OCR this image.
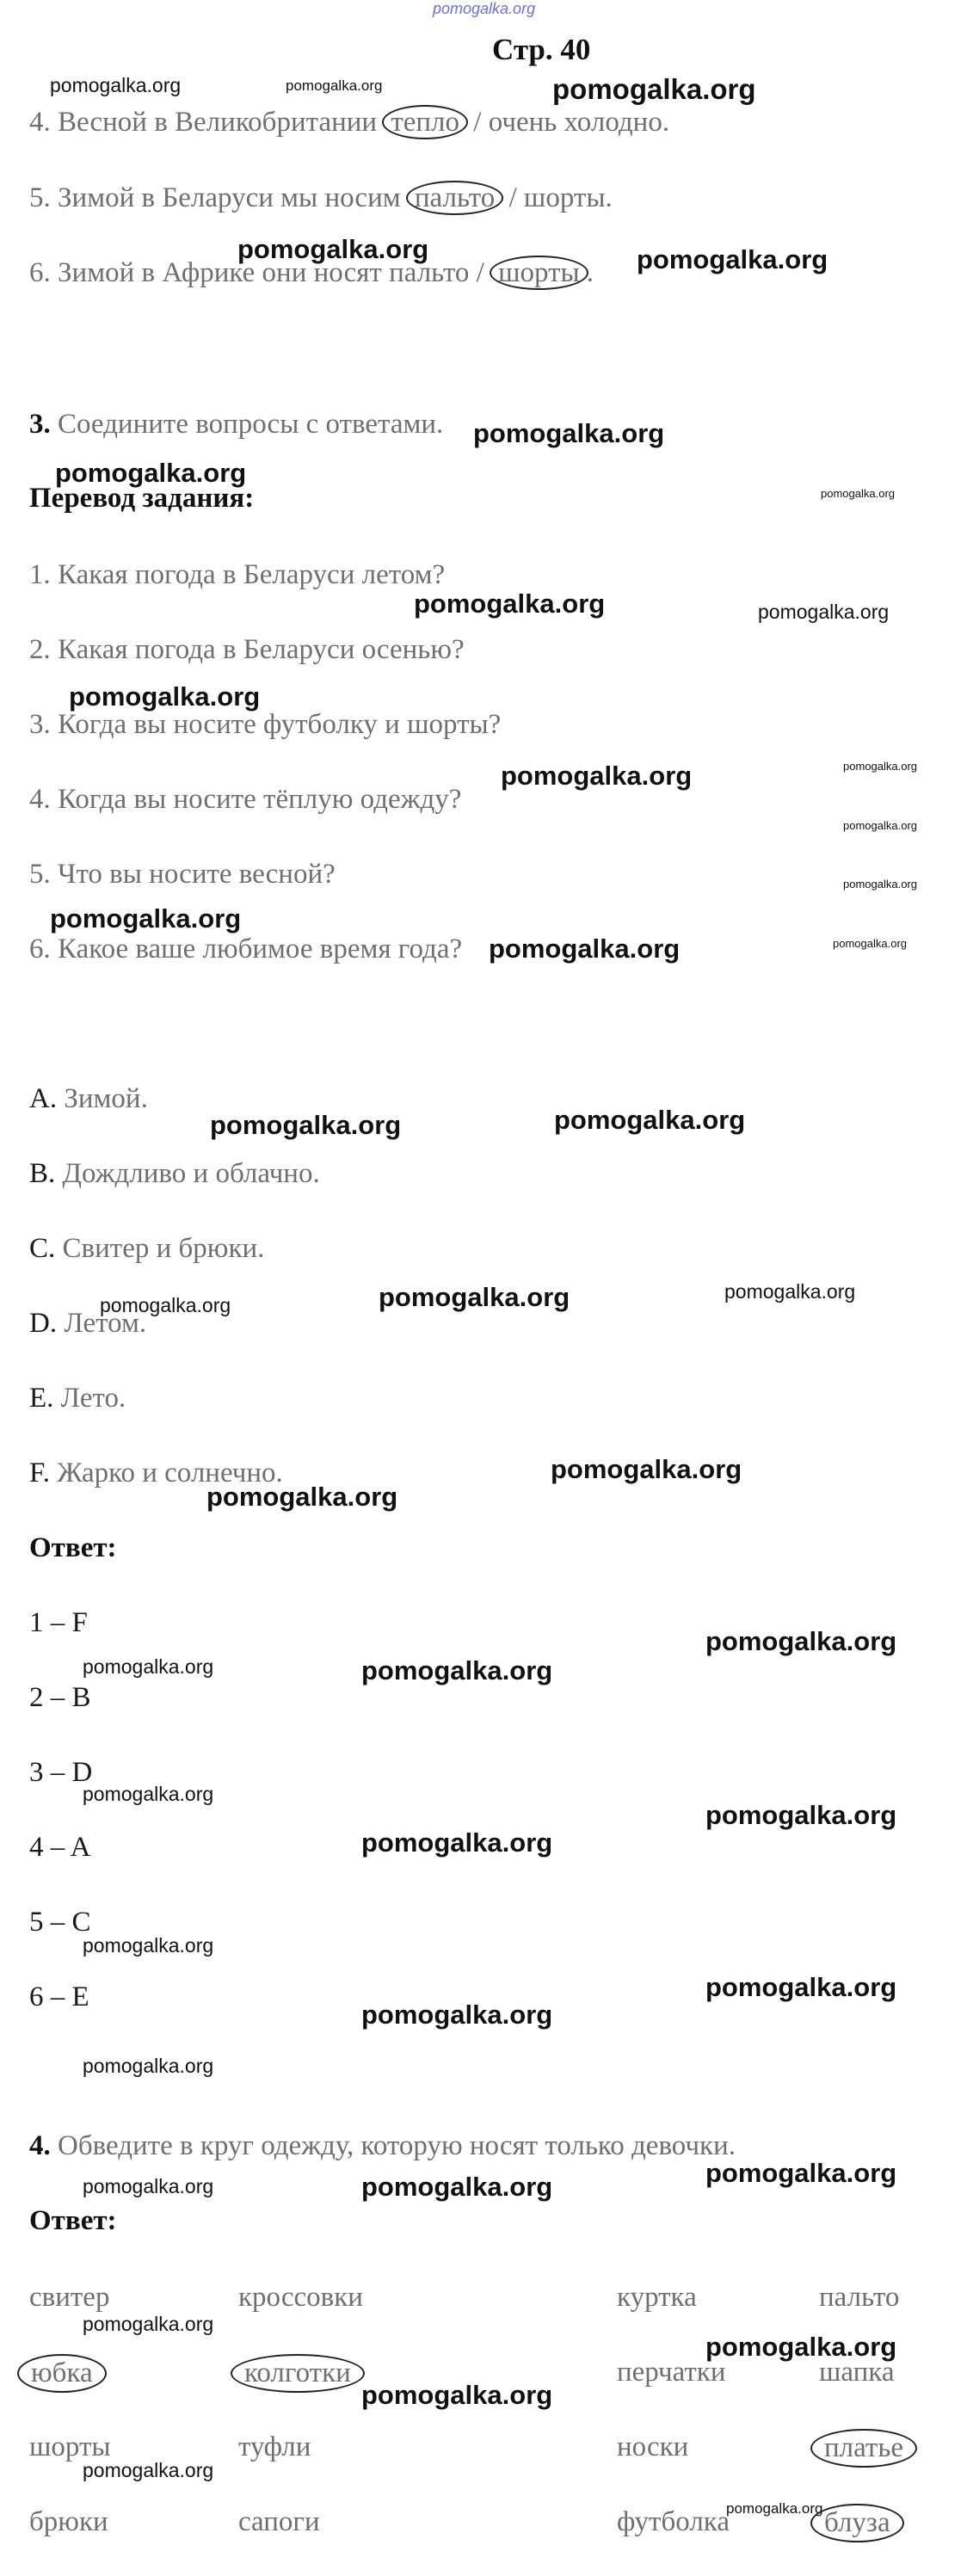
pomogalka.org
Стр. 40
4. Весной в Великобритании тепло / очень холодно.
5. Зимой в Беларуси мы носим пальто / шорты.
6. Зимой в Африке они носят пальто / шорты .
3. Соедините вопросы с ответами.
Перевод задания:
1. Какая погода в Беларуси летом?
2. Какая погода в Беларуси осенью?
3. Когда вы носите футболку и шорты?
4. Когда вы носите тёплую одежду?
5. Что вы носите весной?
6. Какое ваше любимое время года?
A. Зимой.
B. Дождливо и облачно.
C. Свитер и брюки.
D. Летом.
E. Лето.
F. Жарко и солнечно.
Ответ:
1 – F
2 – B
3 – D
4 – A
5 – C
6 – E
4. Обведите в круг одежду, которую носят только девочки.
Ответ:
свитер	кроссовки	куртка	пальто
юбка	колготки	перчатки	шапка
шорты	туфли	носки	платье
брюки	сапоги	футболка	блуза
pomogalka.org	pomogalka.org	pomogalka.org
pomogalka.org	pomogalka.org
pomogalka.org
pomogalka.org
pomogalka.org
pomogalka.org	pomogalka.org
pomogalka.org
pomogalka.org	pomogalka.org
pomogalka.org
pomogalka.org
pomogalka.org
pomogalka.org	pomogalka.org
pomogalka.org
pomogalka.org
pomogalka.org	pomogalka.org
pomogalka.org
pomogalka.org
pomogalka.org
pomogalka.org
pomogalka.org	pomogalka.org
pomogalka.org
pomogalka.org
pomogalka.org
pomogalka.org
pomogalka.org
pomogalka.org
pomogalka.org
pomogalka.org
pomogalka.org	pomogalka.org
pomogalka.org
pomogalka.org
pomogalka.org
pomogalka.org
pomogalka.org
